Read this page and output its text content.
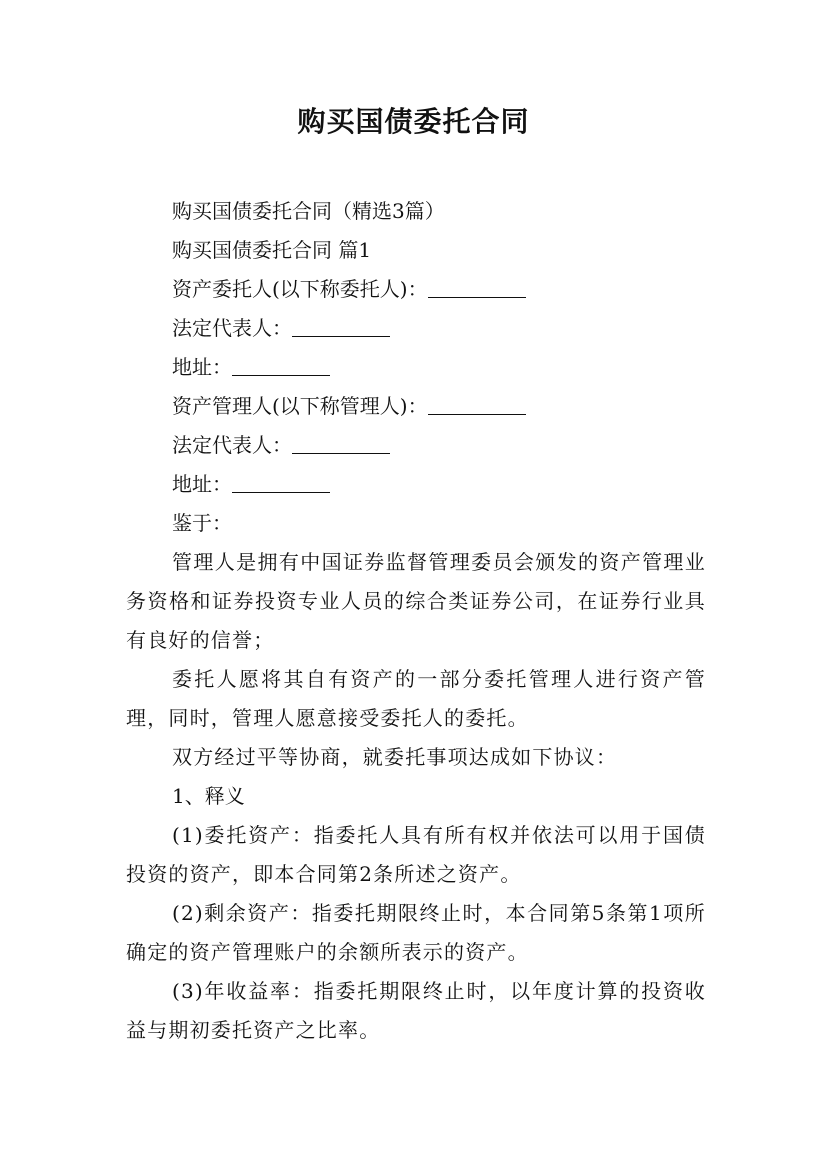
购买国债委托合同

购买国债委托合同（精选3篇）

购买国债委托合同 篇1

资产委托人(以下称委托人)：

法定代表人：

地址：

资产管理人(以下称管理人)：

法定代表人：

地址：

鉴于：

管理人是拥有中国证券监督管理委员会颁发的资产管理业务资格和证券投资专业人员的综合类证券公司，在证券行业具有良好的信誉；

委托人愿将其自有资产的一部分委托管理人进行资产管理，同时，管理人愿意接受委托人的委托。

双方经过平等协商，就委托事项达成如下协议：

1、释义

(1)委托资产：指委托人具有所有权并依法可以用于国债投资的资产，即本合同第2条所述之资产。

(2)剩余资产：指委托期限终止时，本合同第5条第1项所确定的资产管理账户的余额所表示的资产。

(3)年收益率：指委托期限终止时，以年度计算的投资收益与期初委托资产之比率。
